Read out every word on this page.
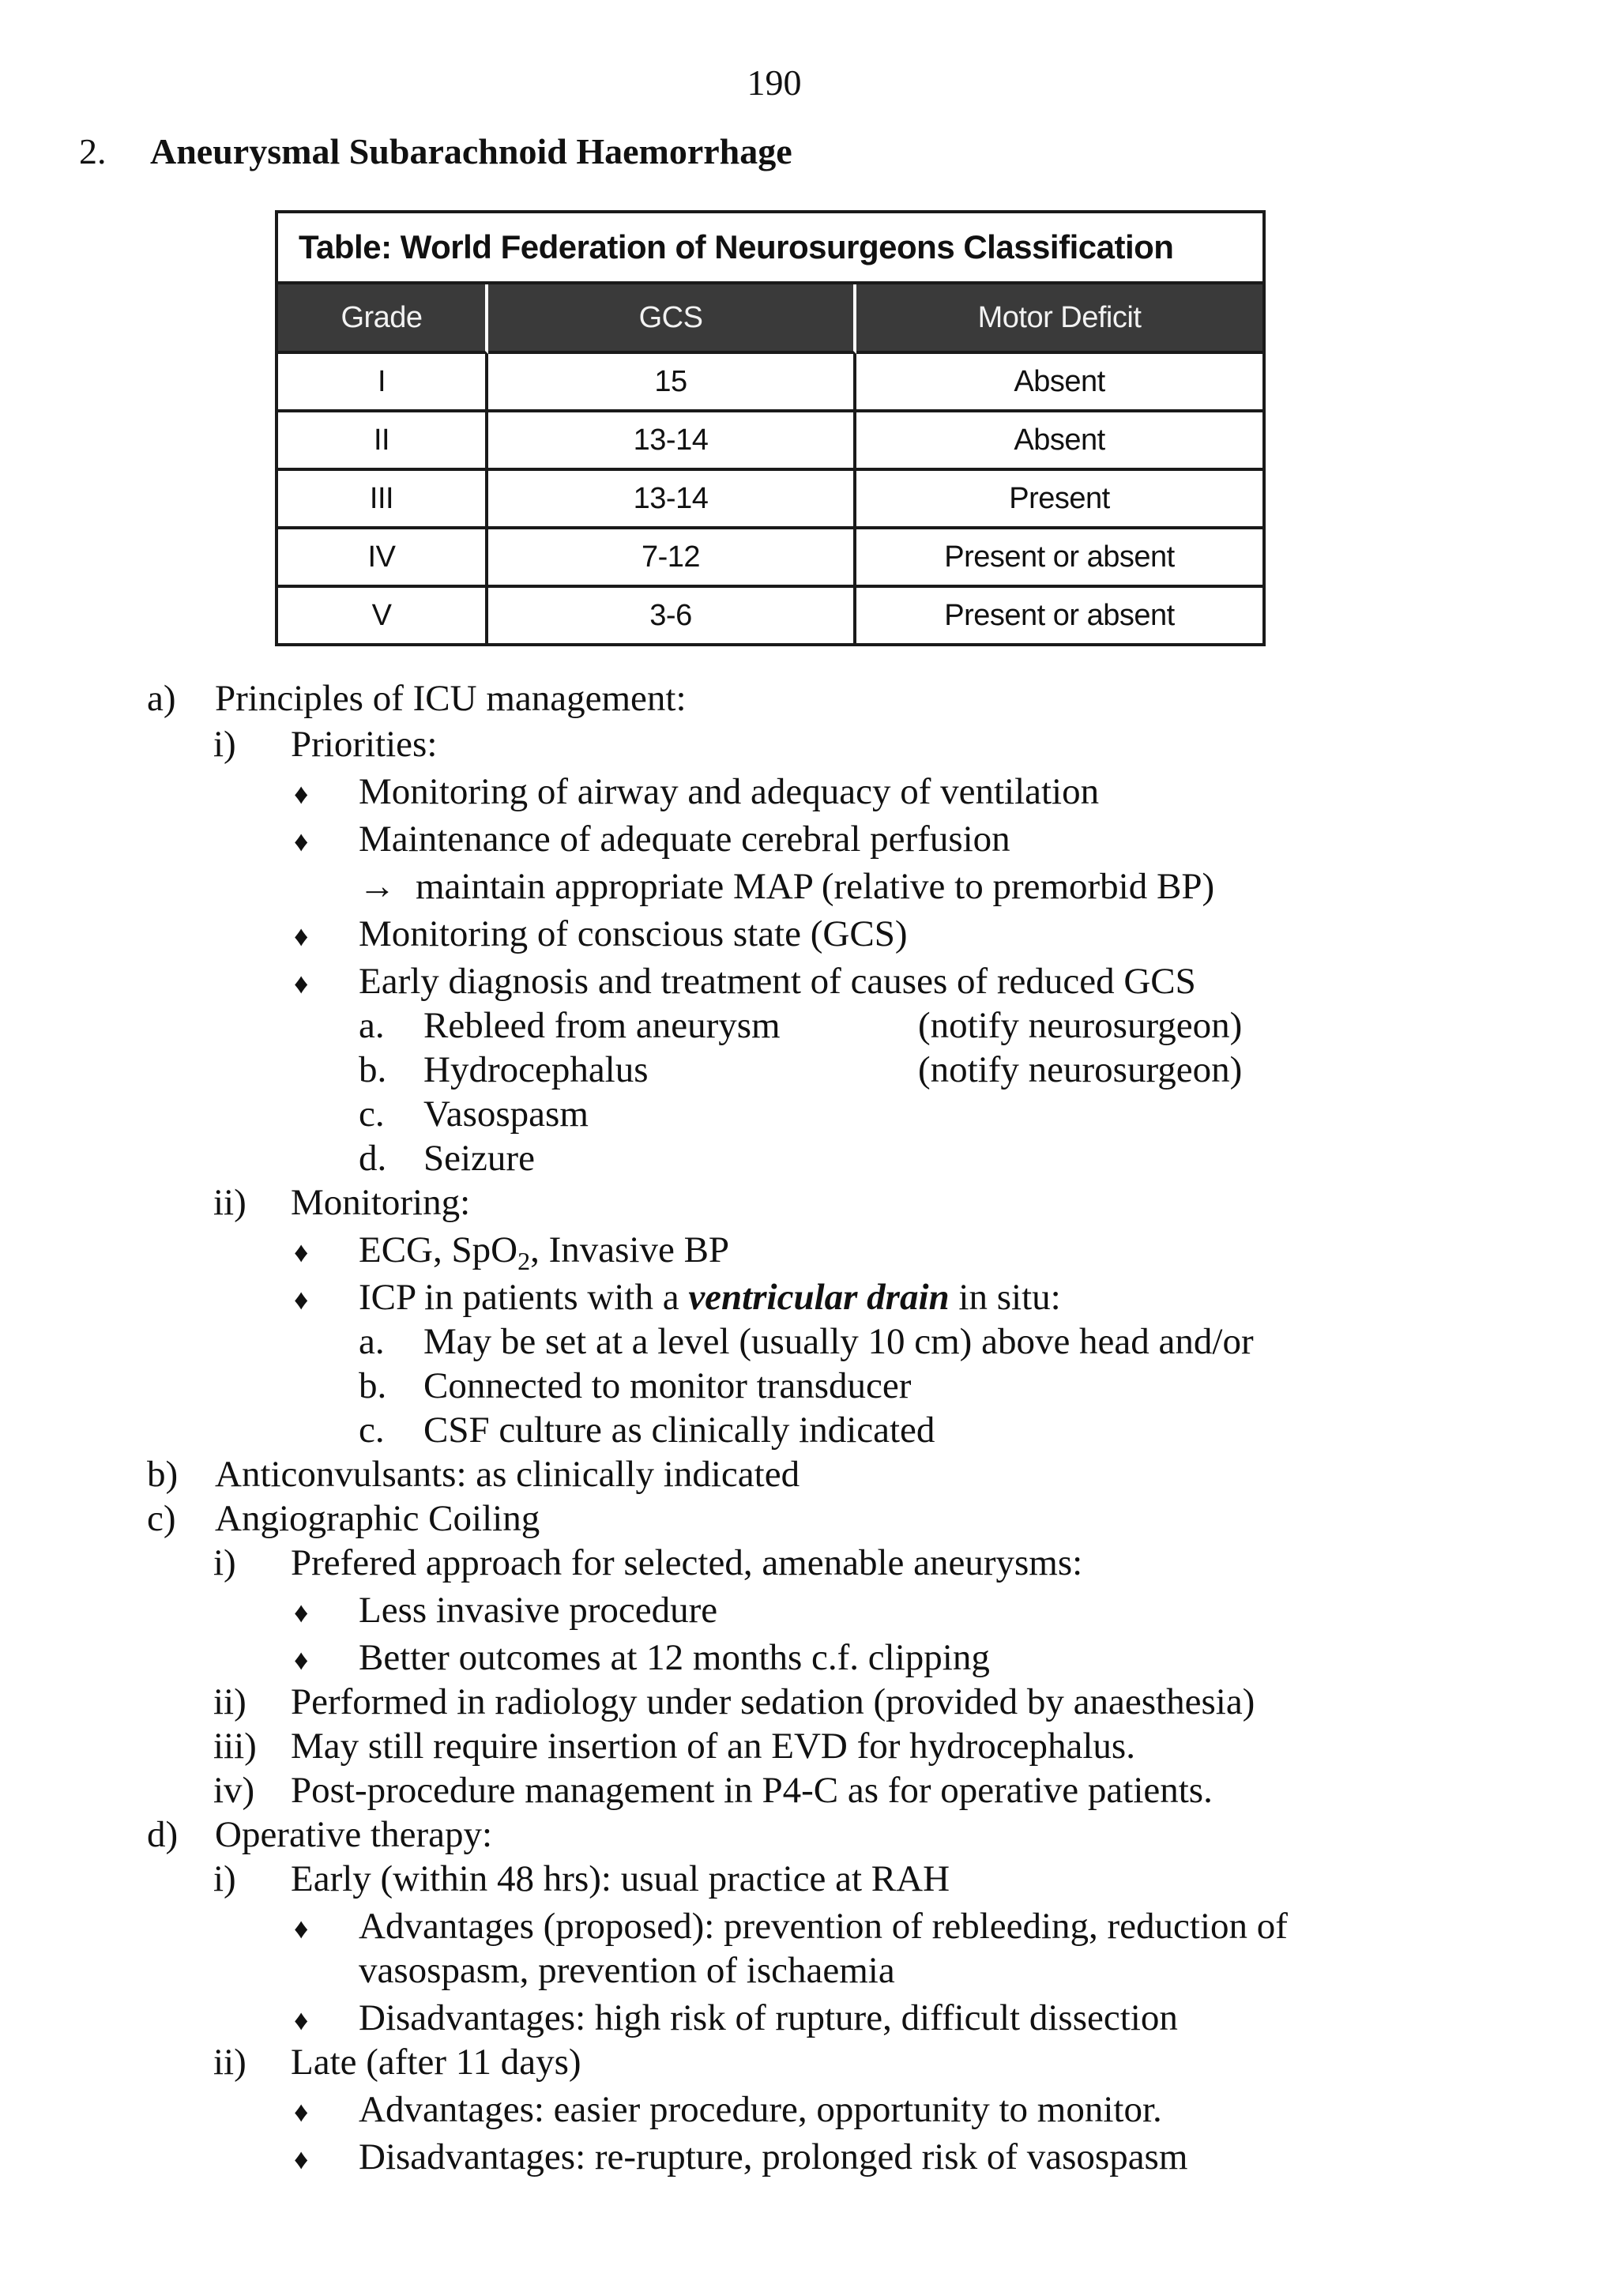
190
2. Aneurysmal Subarachnoid Haemorrhage
Table: World Federation of Neurosurgeons Classification
Grade	GCS	Motor Deficit
I	15	Absent
II	13-14	Absent
III	13-14	Present
IV	7-12	Present or absent
V	3-6	Present or absent
a) Principles of ICU management:
i) Priorities:
♦ Monitoring of airway and adequacy of ventilation
♦ Maintenance of adequate cerebral perfusion
→ maintain appropriate MAP (relative to premorbid BP)
♦ Monitoring of conscious state (GCS)
♦ Early diagnosis and treatment of causes of reduced GCS
a. Rebleed from aneurysm	(notify neurosurgeon)
b. Hydrocephalus	(notify neurosurgeon)
c. Vasospasm
d. Seizure
ii) Monitoring:
♦ ECG, SpO$_2$, Invasive BP
♦ ICP in patients with a ventricular drain in situ:
a. May be set at a level (usually 10 cm) above head and/or
b. Connected to monitor transducer
c. CSF culture as clinically indicated
b) Anticonvulsants: as clinically indicated
c) Angiographic Coiling
i) Prefered approach for selected, amenable aneurysms:
♦ Less invasive procedure
♦ Better outcomes at 12 months c.f. clipping
ii) Performed in radiology under sedation (provided by anaesthesia)
iii) May still require insertion of an EVD for hydrocephalus.
iv) Post-procedure management in P4-C as for operative patients.
d) Operative therapy:
i) Early (within 48 hrs): usual practice at RAH
♦ Advantages (proposed): prevention of rebleeding, reduction of
vasospasm, prevention of ischaemia
♦ Disadvantages: high risk of rupture, difficult dissection
ii) Late (after 11 days)
♦ Advantages: easier procedure, opportunity to monitor.
♦ Disadvantages: re-rupture, prolonged risk of vasospasm
